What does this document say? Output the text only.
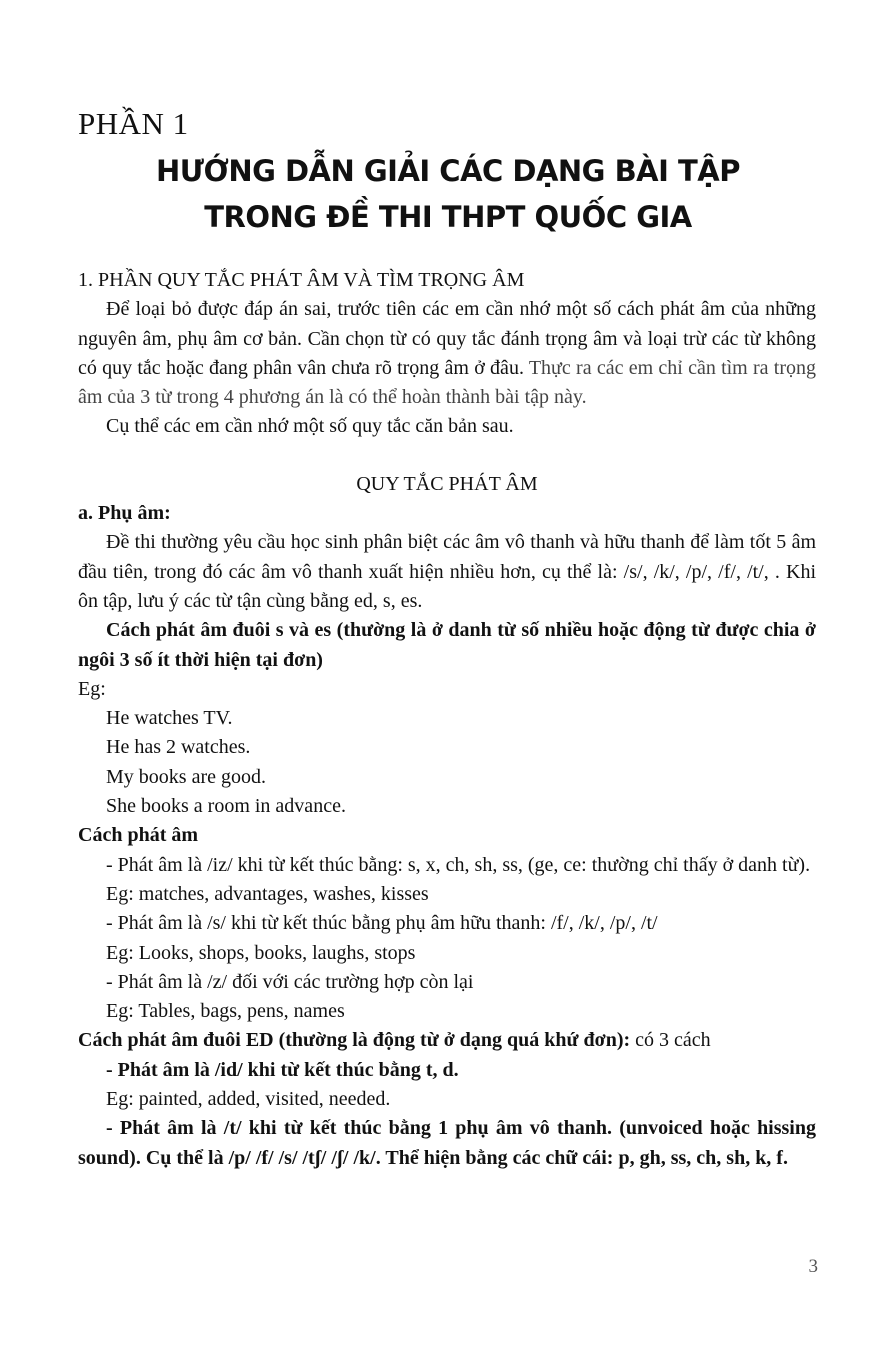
PHẦN 1
HƯỚNG DẪN GIẢI CÁC DẠNG BÀI TẬP
TRONG ĐỀ THI THPT QUỐC GIA

1. PHẦN QUY TẮC PHÁT ÂM VÀ TÌM TRỌNG ÂM

Để loại bỏ được đáp án sai, trước tiên các em cần nhớ một số cách phát âm của những nguyên âm, phụ âm cơ bản. Cần chọn từ có quy tắc đánh trọng âm và loại trừ các từ không có quy tắc hoặc đang phân vân chưa rõ trọng âm ở đâu. Thực ra các em chỉ cần tìm ra trọng âm của 3 từ trong 4 phương án là có thể hoàn thành bài tập này.

Cụ thể các em cần nhớ một số quy tắc căn bản sau.

QUY TẮC PHÁT ÂM

a. Phụ âm:

Đề thi thường yêu cầu học sinh phân biệt các âm vô thanh và hữu thanh để làm tốt 5 âm đầu tiên, trong đó các âm vô thanh xuất hiện nhiều hơn, cụ thể là: /s/, /k/, /p/, /f/, /t/, . Khi ôn tập, lưu ý các từ tận cùng bằng ed, s, es.

Cách phát âm đuôi s và es (thường là ở danh từ số nhiều hoặc động từ được chia ở ngôi 3 số ít thời hiện tại đơn)

Eg:

He watches TV.

He has 2 watches.

My books are good.

She books a room in advance.

Cách phát âm

- Phát âm là /iz/ khi từ kết thúc bằng: s, x, ch, sh, ss, (ge, ce: thường chỉ thấy ở danh từ).

Eg: matches, advantages, washes, kisses

- Phát âm là /s/ khi từ kết thúc bằng phụ âm hữu thanh: /f/, /k/, /p/, /t/

Eg: Looks, shops, books, laughs, stops

- Phát âm là /z/ đối với các trường hợp còn lại

Eg: Tables, bags, pens, names

Cách phát âm đuôi ED (thường là động từ ở dạng quá khứ đơn): có 3 cách

- Phát âm là /id/ khi từ kết thúc bằng t, d.

Eg: painted, added, visited, needed.

- Phát âm là /t/ khi từ kết thúc bằng 1 phụ âm vô thanh. (unvoiced hoặc hissing sound). Cụ thể là /p/ /f/ /s/ /tʃ/ /ʃ/ /k/. Thể hiện bằng các chữ cái: p, gh, ss, ch, sh, k, f.

3
